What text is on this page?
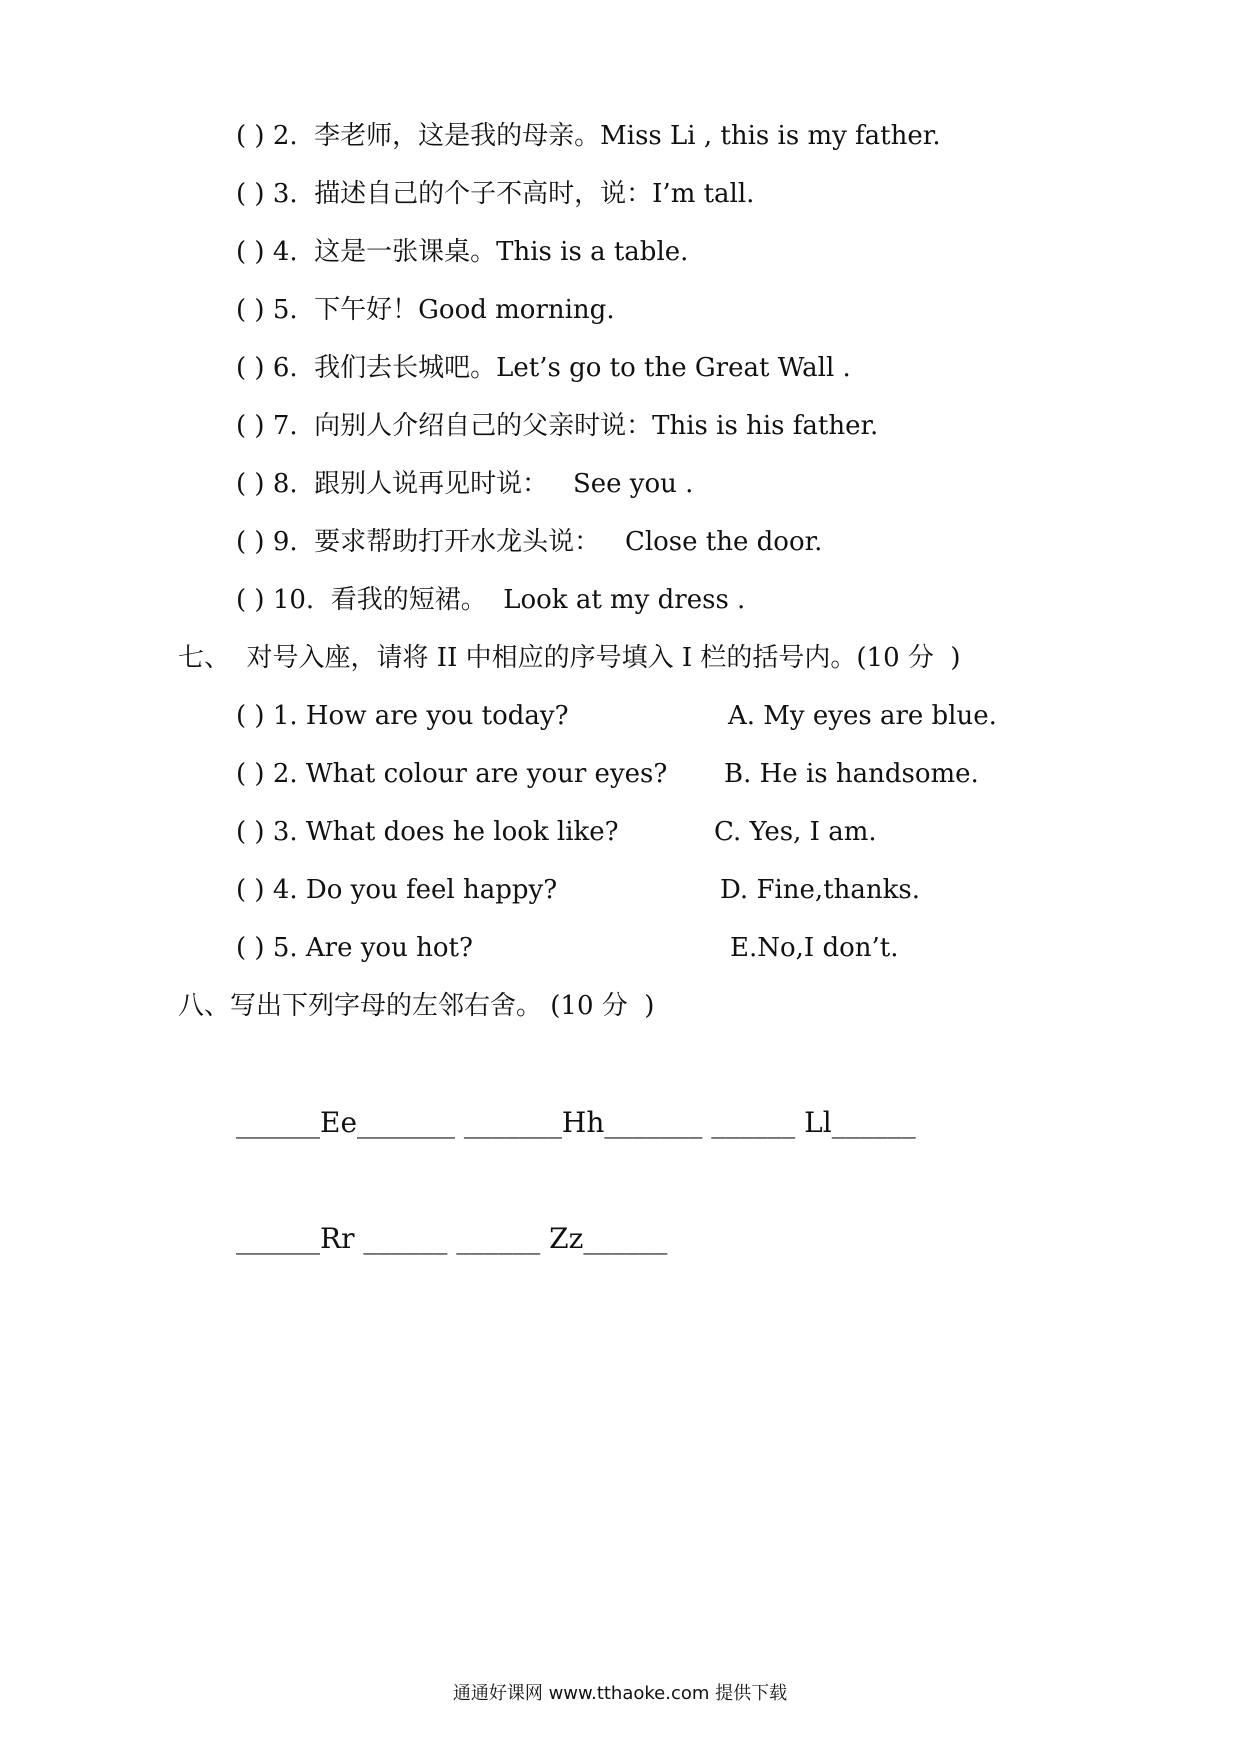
( ) 2.  李老师，这是我的母亲。Miss Li , this is my father.
( ) 3.  描述自己的个子不高时，说：I’m tall.
( ) 4.  这是一张课桌。This is a table.
( ) 5.  下午好！Good morning.
( ) 6.  我们去长城吧。Let’s go to the Great Wall .
( ) 7.  向别人介绍自己的父亲时说：This is his father.
( ) 8.  跟别人说再见时说：   See you .
( ) 9.  要求帮助打开水龙头说：   Close the door.
( ) 10.  看我的短裙。  Look at my dress .
七、  对号入座，请将 II 中相应的序号填入 I 栏的括号内。(10 分  )
( ) 1. How are you today?	A. My eyes are blue.
( ) 2. What colour are your eyes? B. He is handsome.
( ) 3. What does he look like?	C. Yes, I am.
( ) 4. Do you feel happy?	D. Fine,thanks.
( ) 5. Are you hot?	E.No,I don’t.
八、写出下列字母的左邻右舍。 (10 分  )
______Ee_______ _______Hh_______ ______ Ll______
______Rr ______ ______ Zz______
通通好课网 www.tthaoke.com 提供下载
